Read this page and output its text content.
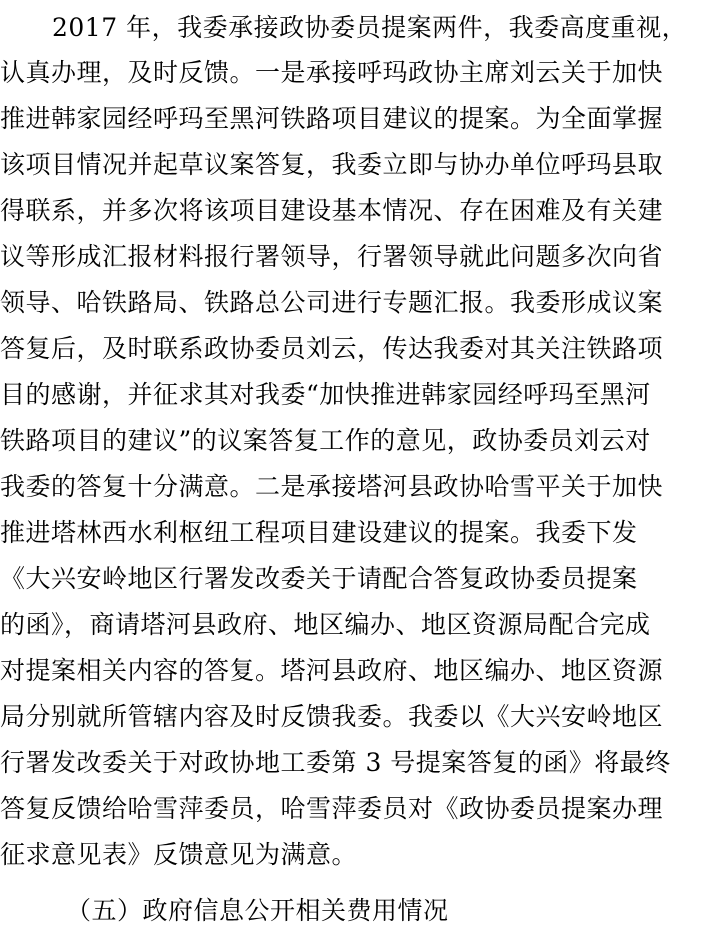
2017 年，我委承接政协委员提案两件，我委高度重视，
认真办理，及时反馈。一是承接呼玛政协主席刘云关于加快
推进韩家园经呼玛至黑河铁路项目建议的提案。为全面掌握
该项目情况并起草议案答复，我委立即与协办单位呼玛县取
得联系，并多次将该项目建设基本情况、存在困难及有关建
议等形成汇报材料报行署领导，行署领导就此问题多次向省
领导、哈铁路局、铁路总公司进行专题汇报。我委形成议案
答复后，及时联系政协委员刘云，传达我委对其关注铁路项
目的感谢，并征求其对我委“加快推进韩家园经呼玛至黑河
铁路项目的建议”的议案答复工作的意见，政协委员刘云对
我委的答复十分满意。二是承接塔河县政协哈雪平关于加快
推进塔林西水利枢纽工程项目建设建议的提案。我委下发
《大兴安岭地区行署发改委关于请配合答复政协委员提案
的函》，商请塔河县政府、地区编办、地区资源局配合完成
对提案相关内容的答复。塔河县政府、地区编办、地区资源
局分别就所管辖内容及时反馈我委。我委以《大兴安岭地区
行署发改委关于对政协地工委第 3 号提案答复的函》将最终
答复反馈给哈雪萍委员，哈雪萍委员对《政协委员提案办理
征求意见表》反馈意见为满意。
（五）政府信息公开相关费用情况
